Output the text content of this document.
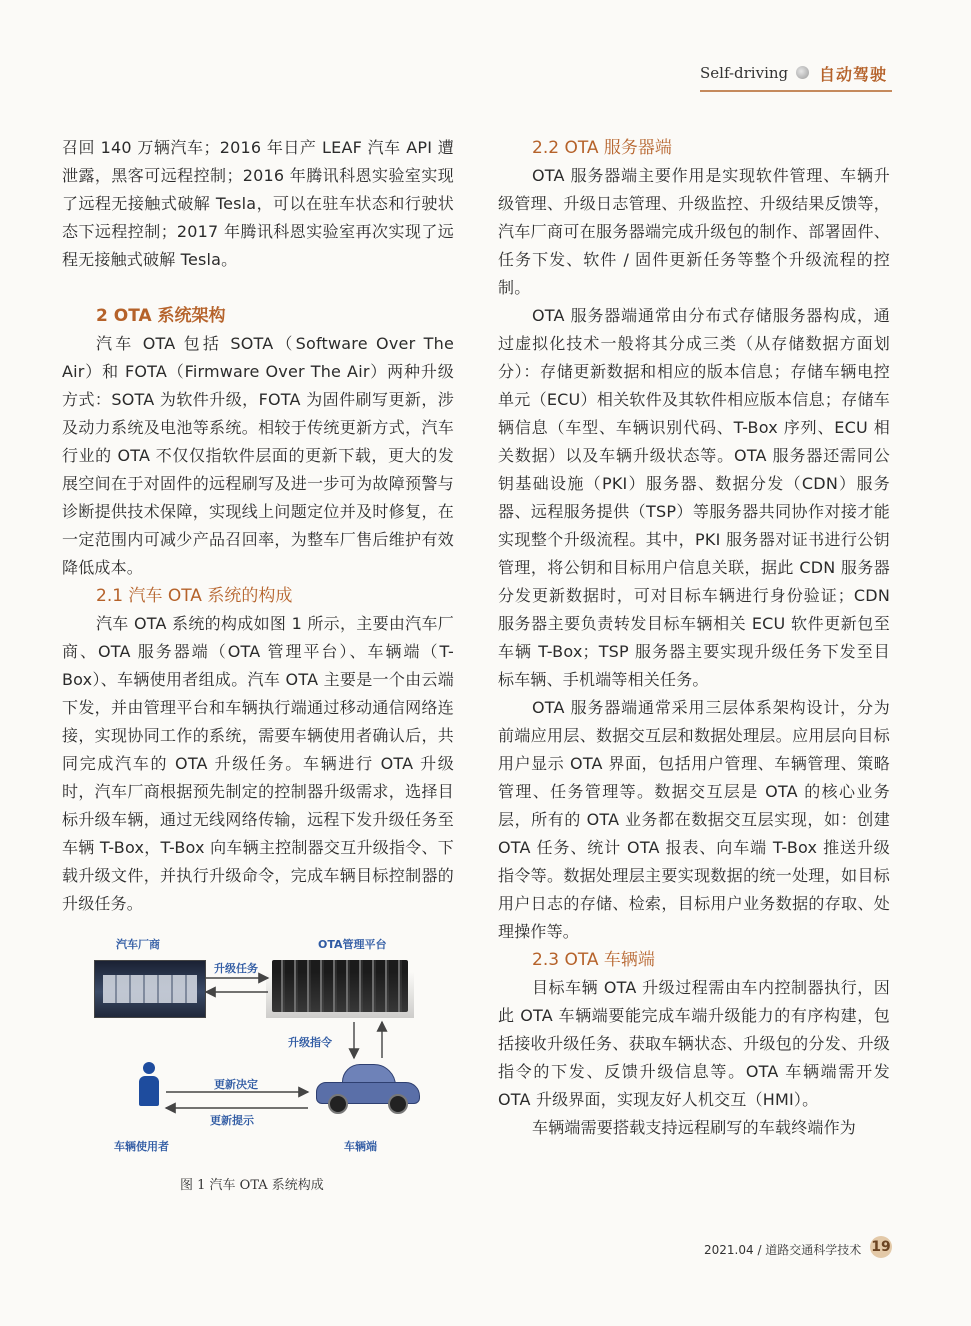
Self-driving 自动驾驶

召回 140 万辆汽车；2016 年日产 LEAF 汽车 API 遭泄露，黑客可远程控制；2016 年腾讯科恩实验室实现了远程无接触式破解 Tesla，可以在驻车状态和行驶状态下远程控制；2017 年腾讯科恩实验室再次实现了远程无接触式破解 Tesla。

2 OTA 系统架构

汽车 OTA 包括 SOTA（Software Over The Air）和 FOTA（Firmware Over The Air）两种升级方式：SOTA 为软件升级，FOTA 为固件刷写更新，涉及动力系统及电池等系统。相较于传统更新方式，汽车行业的 OTA 不仅仅指软件层面的更新下载，更大的发展空间在于对固件的远程刷写及进一步可为故障预警与诊断提供技术保障，实现线上问题定位并及时修复，在一定范围内可减少产品召回率，为整车厂售后维护有效降低成本。

2.1 汽车 OTA 系统的构成

汽车 OTA 系统的构成如图 1 所示，主要由汽车厂商、OTA 服务器端（OTA 管理平台）、车辆端（T-Box）、车辆使用者组成。汽车 OTA 主要是一个由云端下发，并由管理平台和车辆执行端通过移动通信网络连接，实现协同工作的系统，需要车辆使用者确认后，共同完成汽车的 OTA 升级任务。车辆进行 OTA 升级时，汽车厂商根据预先制定的控制器升级需求，选择目标升级车辆，通过无线网络传输，远程下发升级任务至车辆 T-Box，T-Box 向车辆主控制器交互升级指令、下载升级文件，并执行升级命令，完成车辆目标控制器的升级任务。

汽车厂商	OTA管理平台
升级任务
升级指令
更新决定
更新提示
车辆使用者	车辆端
图 1 汽车 OTA 系统构成
2.2 OTA 服务器端

OTA 服务器端主要作用是实现软件管理、车辆升级管理、升级日志管理、升级监控、升级结果反馈等，汽车厂商可在服务器端完成升级包的制作、部署固件、任务下发、软件 / 固件更新任务等整个升级流程的控制。

OTA 服务器端通常由分布式存储服务器构成，通过虚拟化技术一般将其分成三类（从存储数据方面划分）：存储更新数据和相应的版本信息；存储车辆电控单元（ECU）相关软件及其软件相应版本信息；存储车辆信息（车型、车辆识别代码、T-Box 序列、ECU 相关数据）以及车辆升级状态等。OTA 服务器还需同公钥基础设施（PKI）服务器、数据分发（CDN）服务器、远程服务提供（TSP）等服务器共同协作对接才能实现整个升级流程。其中，PKI 服务器对证书进行公钥管理，将公钥和目标用户信息关联，据此 CDN 服务器分发更新数据时，可对目标车辆进行身份验证；CDN 服务器主要负责转发目标车辆相关 ECU 软件更新包至车辆 T-Box；TSP 服务器主要实现升级任务下发至目标车辆、手机端等相关任务。

OTA 服务器端通常采用三层体系架构设计，分为前端应用层、数据交互层和数据处理层。应用层向目标用户显示 OTA 界面，包括用户管理、车辆管理、策略管理、任务管理等。数据交互层是 OTA 的核心业务层，所有的 OTA 业务都在数据交互层实现，如：创建 OTA 任务、统计 OTA 报表、向车端 T-Box 推送升级指令等。数据处理层主要实现数据的统一处理，如目标用户日志的存储、检索，目标用户业务数据的存取、处理操作等。

2.3 OTA 车辆端

目标车辆 OTA 升级过程需由车内控制器执行，因此 OTA 车辆端要能完成车端升级能力的有序构建，包括接收升级任务、获取车辆状态、升级包的分发、升级指令的下发、反馈升级信息等。OTA 车辆端需开发 OTA 升级界面，实现友好人机交互（HMI）。

车辆端需要搭载支持远程刷写的车载终端作为

2021.04 / 道路交通科学技术 19
